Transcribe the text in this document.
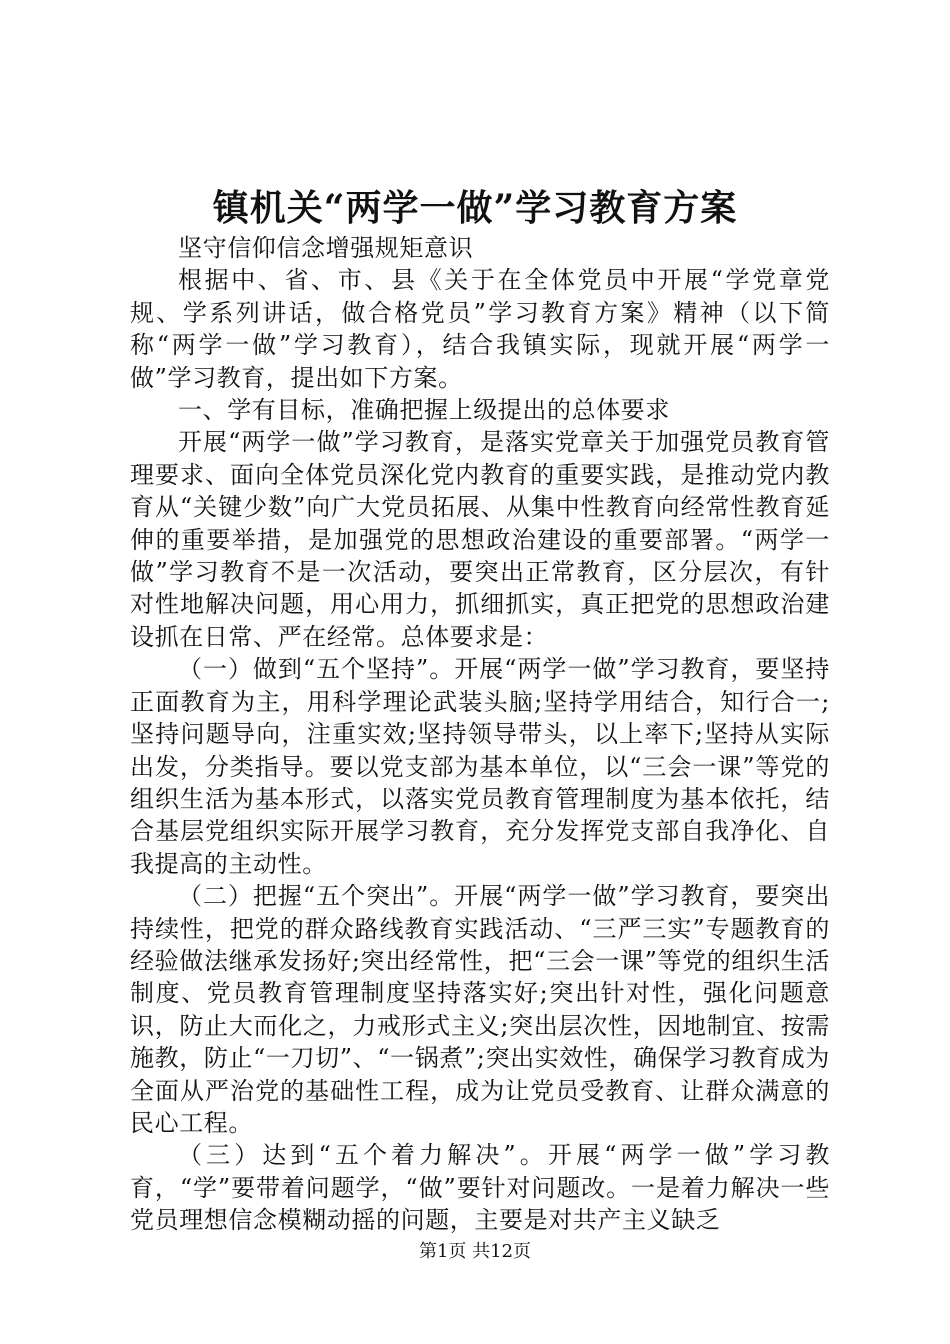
镇机关“两学一做”学习教育方案

坚守信仰信念增强规矩意识

根据中、省、市、县《关于在全体党员中开展“学党章党规、学系列讲话，做合格党员”学习教育方案》精神（以下简称“两学一做”学习教育），结合我镇实际，现就开展“两学一做”学习教育，提出如下方案。

一、学有目标，准确把握上级提出的总体要求

开展“两学一做”学习教育，是落实党章关于加强党员教育管理要求、面向全体党员深化党内教育的重要实践，是推动党内教育从“关键少数”向广大党员拓展、从集中性教育向经常性教育延伸的重要举措，是加强党的思想政治建设的重要部署。“两学一做”学习教育不是一次活动，要突出正常教育，区分层次，有针对性地解决问题，用心用力，抓细抓实，真正把党的思想政治建设抓在日常、严在经常。总体要求是：

（一）做到“五个坚持”。开展“两学一做”学习教育，要坚持正面教育为主，用科学理论武装头脑;坚持学用结合，知行合一;坚持问题导向，注重实效;坚持领导带头，以上率下;坚持从实际出发，分类指导。要以党支部为基本单位，以“三会一课”等党的组织生活为基本形式，以落实党员教育管理制度为基本依托，结合基层党组织实际开展学习教育，充分发挥党支部自我净化、自我提高的主动性。

（二）把握“五个突出”。开展“两学一做”学习教育，要突出持续性，把党的群众路线教育实践活动、“三严三实”专题教育的经验做法继承发扬好;突出经常性，把“三会一课”等党的组织生活制度、党员教育管理制度坚持落实好;突出针对性，强化问题意识，防止大而化之，力戒形式主义;突出层次性，因地制宜、按需施教，防止“一刀切”、“一锅煮”;突出实效性，确保学习教育成为全面从严治党的基础性工程，成为让党员受教育、让群众满意的民心工程。

（三）达到“五个着力解决”。开展“两学一做”学习教育，“学”要带着问题学，“做”要针对问题改。一是着力解决一些党员理想信念模糊动摇的问题，主要是对共产主义缺乏

第1页 共12页
